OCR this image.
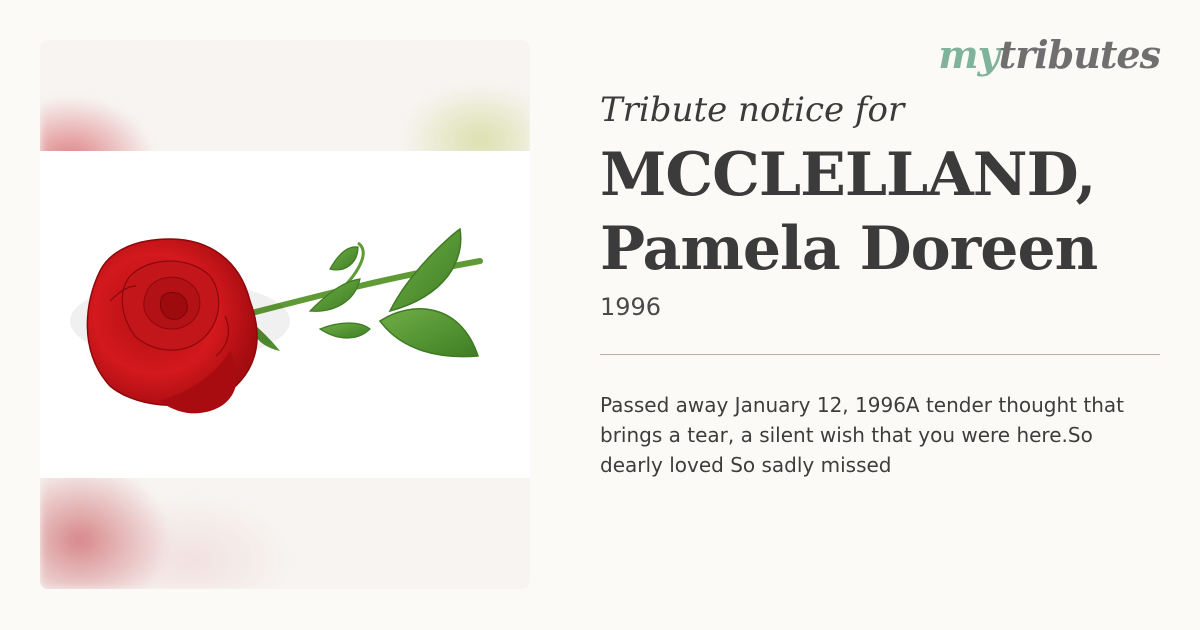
mytributes
Tribute notice for
MCCLELLAND,
Pamela Doreen
1996
Passed away January 12, 1996A tender thought that brings a tear, a silent wish that you were here.So dearly loved So sadly missed
